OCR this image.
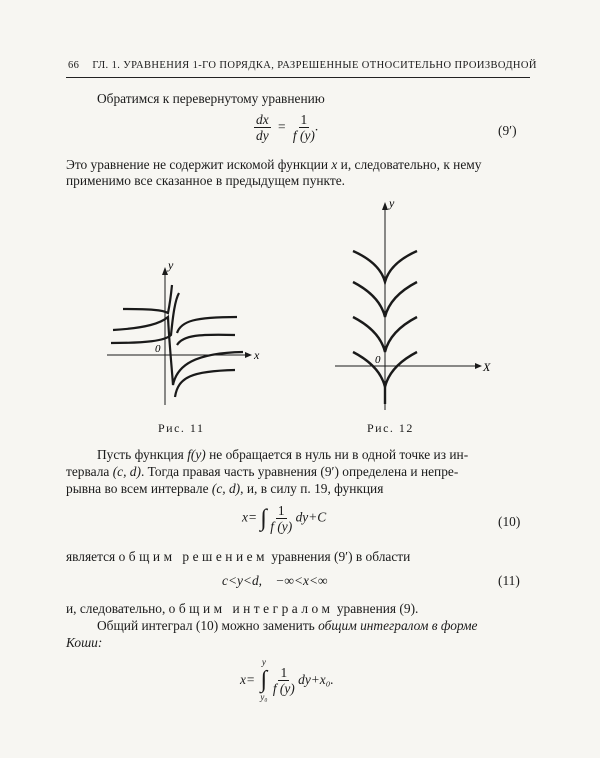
66 ГЛ. 1. УРАВНЕНИЯ 1-ГО ПОРЯДКА, РАЗРЕШЕННЫЕ ОТНОСИТЕЛЬНО ПРОИЗВОДНОЙ
Обратимся к перевернутому уравнению
$\frac{dx}{dy} = \frac{1}{f (y)}$ .	(9′)
Это уравнение не содержит искомой функции x и, следовательно, к нему
применимо все сказанное в предыдущем пункте.
0	x
y
Рис. 11
0	X
y
Рис. 12
Пусть функция f(y) не обращается в нуль ни в одной точке из ин-
тервала (c, d). Тогда правая часть уравнения (9′) определена и непре-
рывна во всем интервале (c, d), и, в силу п. 19, функция
x= ∫ $\frac{1}{f (y)} dy+C$	(10)
является общим решением уравнения (9′) в области
c<y<d,    −∞<x<∞	(11)
и, следовательно, общим интегралом уравнения (9).
Общий интеграл (10) можно заменить общим интегралом в форме
Коши:
x=
y
∫
y₀

$\frac{1}{f (y)} dy+x_0$.
